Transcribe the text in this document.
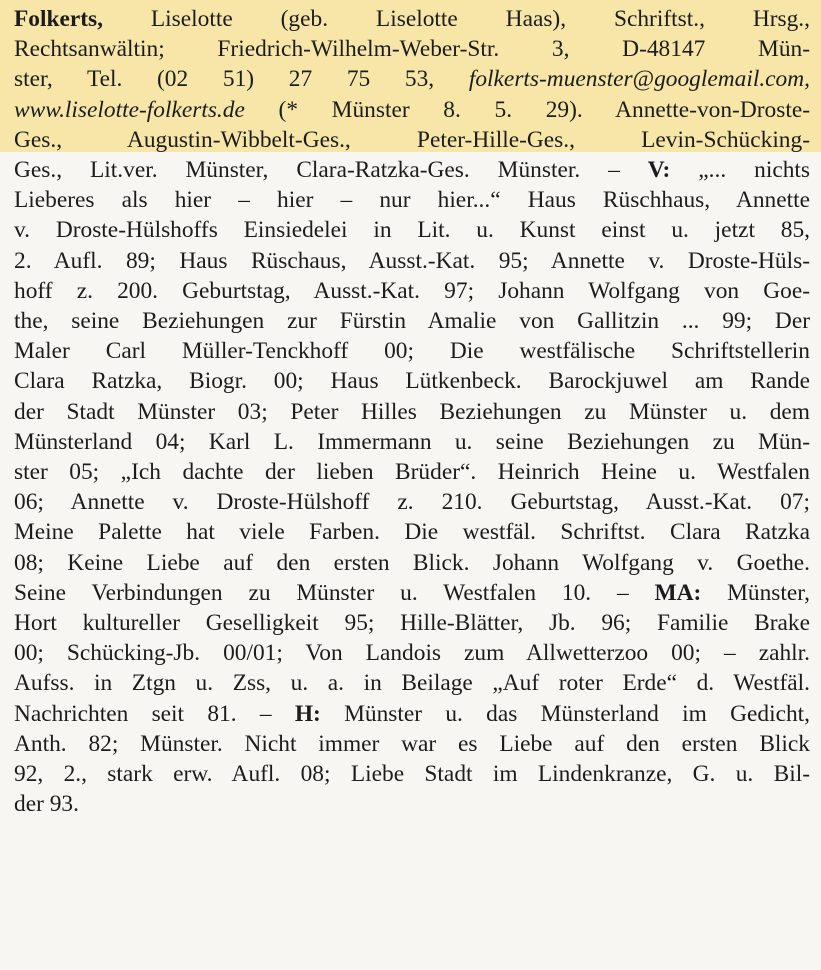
Folkerts, Liselotte (geb. Liselotte Haas), Schriftst., Hrsg.,
Rechtsanwältin; Friedrich-Wilhelm-Weber-Str. 3, D-48147 Mün-
ster, Tel. (02 51) 27 75 53, folkerts-muenster@googlemail.com,
www.liselotte-folkerts.de (* Münster 8. 5. 29). Annette-von-Droste-
Ges., Augustin-Wibbelt-Ges., Peter-Hille-Ges., Levin-Schücking-
Ges., Lit.ver. Münster, Clara-Ratzka-Ges. Münster. – V: „... nichts
Lieberes als hier – hier – nur hier...“ Haus Rüschhaus, Annette
v. Droste-Hülshoffs Einsiedelei in Lit. u. Kunst einst u. jetzt 85,
2. Aufl. 89; Haus Rüschaus, Ausst.-Kat. 95; Annette v. Droste-Hüls-
hoff z. 200. Geburtstag, Ausst.-Kat. 97; Johann Wolfgang von Goe-
the, seine Beziehungen zur Fürstin Amalie von Gallitzin ... 99; Der
Maler Carl Müller-Tenckhoff 00; Die westfälische Schriftstellerin
Clara Ratzka, Biogr. 00; Haus Lütkenbeck. Barockjuwel am Rande
der Stadt Münster 03; Peter Hilles Beziehungen zu Münster u. dem
Münsterland 04; Karl L. Immermann u. seine Beziehungen zu Mün-
ster 05; „Ich dachte der lieben Brüder“. Heinrich Heine u. Westfalen
06; Annette v. Droste-Hülshoff z. 210. Geburtstag, Ausst.-Kat. 07;
Meine Palette hat viele Farben. Die westfäl. Schriftst. Clara Ratzka
08; Keine Liebe auf den ersten Blick. Johann Wolfgang v. Goethe.
Seine Verbindungen zu Münster u. Westfalen 10. – MA: Münster,
Hort kultureller Geselligkeit 95; Hille-Blätter, Jb. 96; Familie Brake
00; Schücking-Jb. 00/01; Von Landois zum Allwetterzoo 00; – zahlr.
Aufss. in Ztgn u. Zss, u. a. in Beilage „Auf roter Erde“ d. Westfäl.
Nachrichten seit 81. – H: Münster u. das Münsterland im Gedicht,
Anth. 82; Münster. Nicht immer war es Liebe auf den ersten Blick
92, 2., stark erw. Aufl. 08; Liebe Stadt im Lindenkranze, G. u. Bil-
der 93.
